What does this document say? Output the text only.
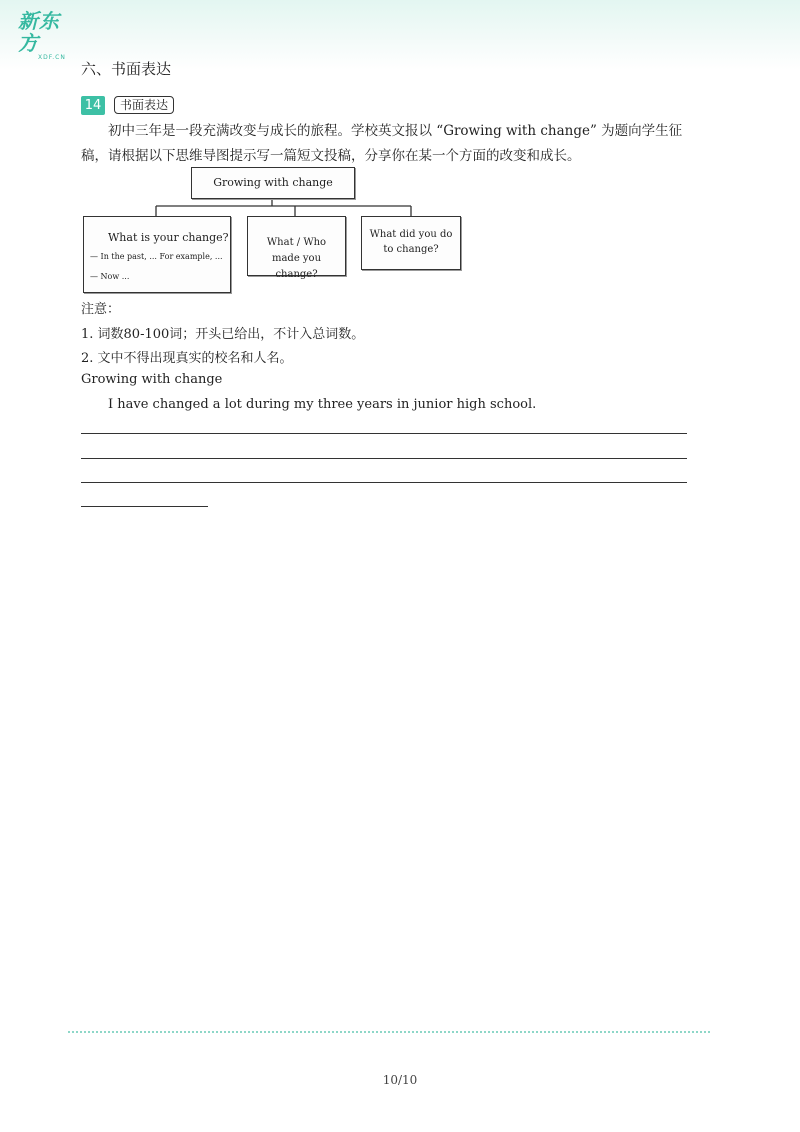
新东方
XDF.CN
六、书面表达
14	书面表达
初中三年是一段充满改变与成长的旅程。学校英文报以 “Growing with change” 为题向学生征
稿，请根据以下思维导图提示写一篇短文投稿，分享你在某一个方面的改变和成长。
Growing with change
What is your change?
— In the past, ... For example, ...
— Now ...
What / Who made you change?
What did you do to change?
注意：
1. 词数80-100词；开头已给出，不计入总词数。
2. 文中不得出现真实的校名和人名。
Growing with change
I have changed a lot during my three years in junior high school.
10/10
